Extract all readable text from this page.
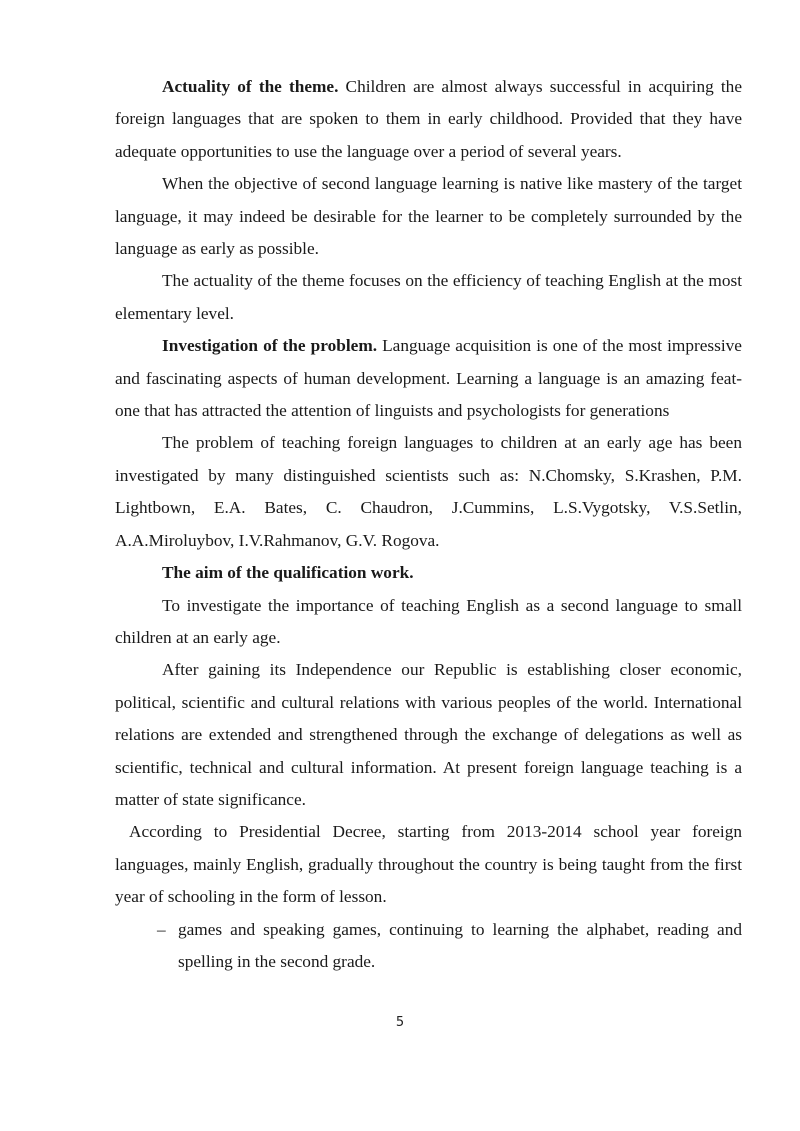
Actuality of the theme. Children are almost always successful in acquiring the foreign languages that are spoken to them in early childhood. Provided that they have adequate opportunities to use the language over a period of several years.

When the objective of second language learning is native like mastery of the target language, it may indeed be desirable for the learner to be completely surrounded by the language as early as possible.

The actuality of the theme focuses on the efficiency of teaching English at the most elementary level.

Investigation of the problem. Language acquisition is one of the most impressive and fascinating aspects of human development. Learning a language is an amazing feat-one that has attracted the attention of linguists and psychologists for generations

The problem of teaching foreign languages to children at an early age has been investigated by many distinguished scientists such as: N.Chomsky, S.Krashen, P.M. Lightbown, E.A. Bates, C. Chaudron, J.Cummins, L.S.Vygotsky, V.S.Setlin, A.A.Miroluybov, I.V.Rahmanov, G.V. Rogova.

The aim of the qualification work.

To investigate the importance of teaching English as a second language to small children at an early age.

After gaining its Independence our Republic is establishing closer economic, political, scientific and cultural relations with various peoples of the world. International relations are extended and strengthened through the exchange of delegations as well as scientific, technical and cultural information. At present foreign language teaching is a matter of state significance.

According to Presidential Decree, starting from 2013-2014 school year foreign languages, mainly English, gradually throughout the country is being taught from the first year of schooling in the form of lesson.

– games and speaking games, continuing to learning the alphabet, reading and spelling in the second grade.
5
